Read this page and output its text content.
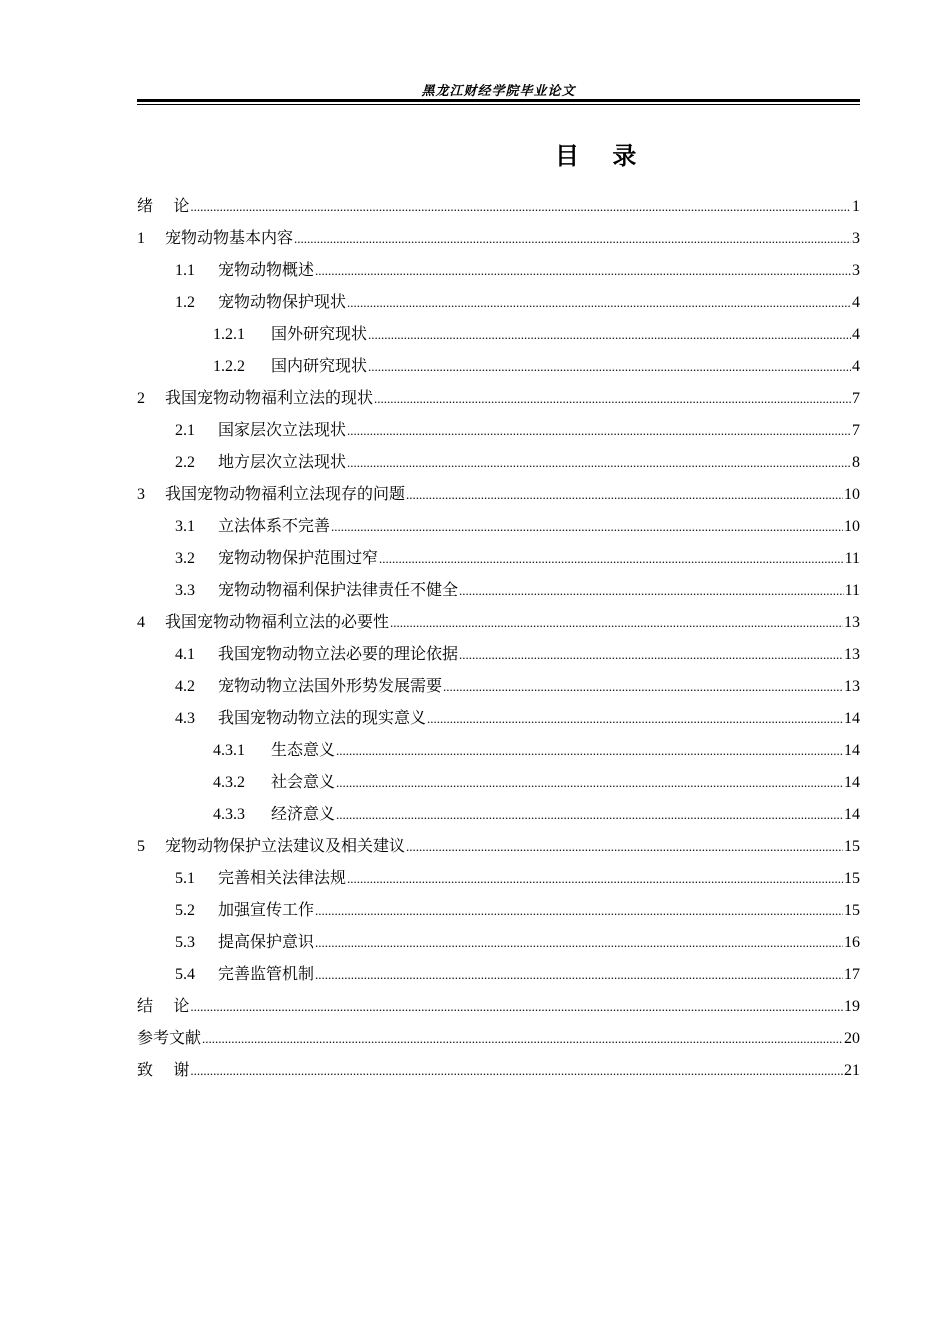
黑龙江财经学院毕业论文
目    录
绪    论 .....	1
1	宠物动物基本内容 .....	3
1.1	宠物动物概述 .....	3
1.2	宠物动物保护现状 .....	4
1.2.1	国外研究现状 .....	4
1.2.2	国内研究现状 .....	4
2	我国宠物动物福利立法的现状 .....	7
2.1	国家层次立法现状 .....	7
2.2	地方层次立法现状 .....	8
3	我国宠物动物福利立法现存的问题 .....	10
3.1	立法体系不完善 .....	10
3.2	宠物动物保护范围过窄 .....	11
3.3	宠物动物福利保护法律责任不健全 .....	11
4	我国宠物动物福利立法的必要性 .....	13
4.1	我国宠物动物立法必要的理论依据 .....	13
4.2	宠物动物立法国外形势发展需要 .....	13
4.3	我国宠物动物立法的现实意义 .....	14
4.3.1	生态意义 .....	14
4.3.2	社会意义 .....	14
4.3.3	经济意义 .....	14
5	宠物动物保护立法建议及相关建议 .....	15
5.1	完善相关法律法规 .....	15
5.2	加强宣传工作 .....	15
5.3	提高保护意识 .....	16
5.4	完善监管机制 .....	17
结    论 .....	19
参考文献 .....	20
致    谢 .....	21
